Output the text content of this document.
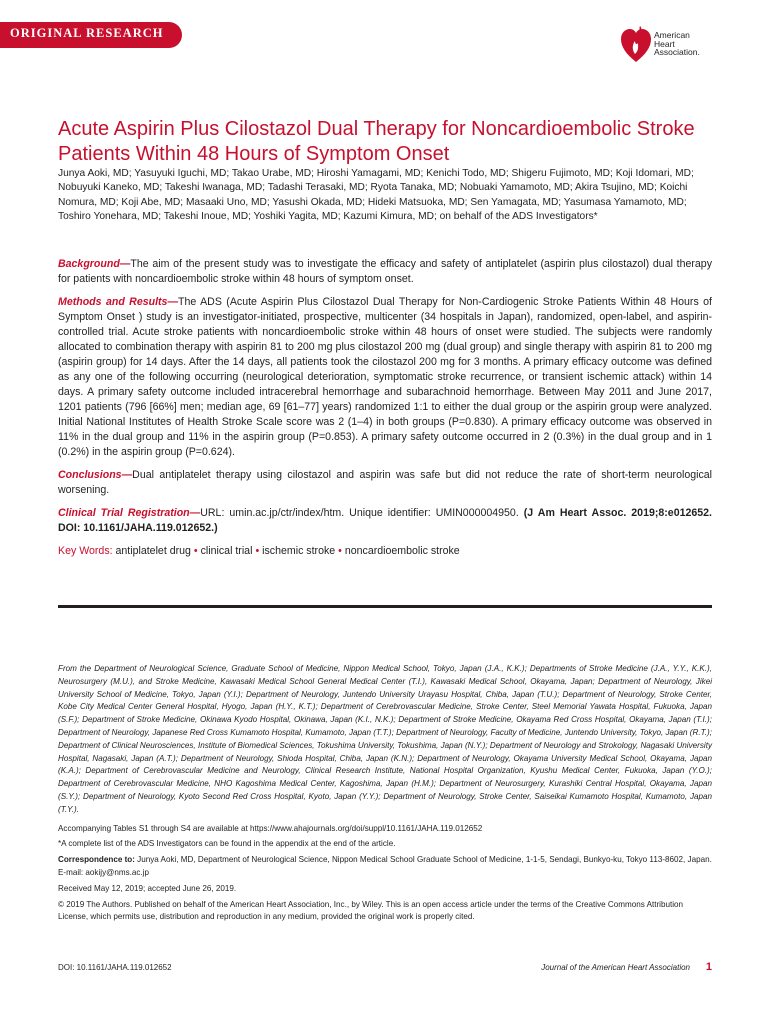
ORIGINAL RESEARCH	American
Heart
Association.
Acute Aspirin Plus Cilostazol Dual Therapy for Noncardioembolic Stroke Patients Within 48 Hours of Symptom Onset
Junya Aoki, MD; Yasuyuki Iguchi, MD; Takao Urabe, MD; Hiroshi Yamagami, MD; Kenichi Todo, MD; Shigeru Fujimoto, MD; Koji Idomari, MD; Nobuyuki Kaneko, MD; Takeshi Iwanaga, MD; Tadashi Terasaki, MD; Ryota Tanaka, MD; Nobuaki Yamamoto, MD; Akira Tsujino, MD; Koichi Nomura, MD; Koji Abe, MD; Masaaki Uno, MD; Yasushi Okada, MD; Hideki Matsuoka, MD; Sen Yamagata, MD; Yasumasa Yamamoto, MD; Toshiro Yonehara, MD; Takeshi Inoue, MD; Yoshiki Yagita, MD; Kazumi Kimura, MD; on behalf of the ADS Investigators*

Background—The aim of the present study was to investigate the efficacy and safety of antiplatelet (aspirin plus cilostazol) dual therapy for patients with noncardioembolic stroke within 48 hours of symptom onset.

Methods and Results—The ADS (Acute Aspirin Plus Cilostazol Dual Therapy for Non-Cardiogenic Stroke Patients Within 48 Hours of Symptom Onset ) study is an investigator-initiated, prospective, multicenter (34 hospitals in Japan), randomized, open-label, and aspirin-controlled trial. Acute stroke patients with noncardioembolic stroke within 48 hours of onset were studied. The subjects were randomly allocated to combination therapy with aspirin 81 to 200 mg plus cilostazol 200 mg (dual group) and single therapy with aspirin 81 to 200 mg (aspirin group) for 14 days. After the 14 days, all patients took the cilostazol 200 mg for 3 months. A primary efficacy outcome was defined as any one of the following occurring (neurological deterioration, symptomatic stroke recurrence, or transient ischemic attack) within 14 days. A primary safety outcome included intracerebral hemorrhage and subarachnoid hemorrhage. Between May 2011 and June 2017, 1201 patients (796 [66%] men; median age, 69 [61–77] years) randomized 1:1 to either the dual group or the aspirin group were analyzed. Initial National Institutes of Health Stroke Scale score was 2 (1–4) in both groups (P=0.830). A primary efficacy outcome was observed in 11% in the dual group and 11% in the aspirin group (P=0.853). A primary safety outcome occurred in 2 (0.3%) in the dual group and in 1 (0.2%) in the aspirin group (P=0.624).

Conclusions—Dual antiplatelet therapy using cilostazol and aspirin was safe but did not reduce the rate of short-term neurological worsening.

Clinical Trial Registration—URL: umin.ac.jp/ctr/index/htm. Unique identifier: UMIN000004950. (J Am Heart Assoc. 2019;8:e012652. DOI: 10.1161/JAHA.119.012652.)

Key Words: antiplatelet drug • clinical trial • ischemic stroke • noncardioembolic stroke

From the Department of Neurological Science, Graduate School of Medicine, Nippon Medical School, Tokyo, Japan (J.A., K.K.); Departments of Stroke Medicine (J.A., Y.Y., K.K.), Neurosurgery (M.U.), and Stroke Medicine, Kawasaki Medical School General Medical Center (T.I.), Kawasaki Medical School, Okayama, Japan; Department of Neurology, Jikei University School of Medicine, Tokyo, Japan (Y.I.); Department of Neurology, Juntendo University Urayasu Hospital, Chiba, Japan (T.U.); Department of Neurology, Stroke Center, Kobe City Medical Center General Hospital, Hyogo, Japan (H.Y., K.T.); Department of Cerebrovascular Medicine, Stroke Center, Steel Memorial Yawata Hospital, Fukuoka, Japan (S.F.); Department of Stroke Medicine, Okinawa Kyodo Hospital, Okinawa, Japan (K.I., N.K.); Department of Stroke Medicine, Okayama Red Cross Hospital, Okayama, Japan (T.I.); Department of Neurology, Japanese Red Cross Kumamoto Hospital, Kumamoto, Japan (T.T.); Department of Neurology, Faculty of Medicine, Juntendo University, Tokyo, Japan (R.T.); Department of Clinical Neurosciences, Institute of Biomedical Sciences, Tokushima University, Tokushima, Japan (N.Y.); Department of Neurology and Strokology, Nagasaki University Hospital, Nagasaki, Japan (A.T.); Department of Neurology, Shioda Hospital, Chiba, Japan (K.N.); Department of Neurology, Okayama University Medical School, Okayama, Japan (K.A.); Department of Cerebrovascular Medicine and Neurology, Clinical Research Institute, National Hospital Organization, Kyushu Medical Center, Fukuoka, Japan (Y.O.); Department of Cerebrovascular Medicine, NHO Kagoshima Medical Center, Kagoshima, Japan (H.M.); Department of Neurosurgery, Kurashiki Central Hospital, Okayama, Japan (S.Y.); Department of Neurology, Kyoto Second Red Cross Hospital, Kyoto, Japan (Y.Y.); Department of Neurology, Stroke Center, Saiseikai Kumamoto Hospital, Kumamoto, Japan (T.Y.).

Accompanying Tables S1 through S4 are available at https://www.ahajournals.org/doi/suppl/10.1161/JAHA.119.012652

*A complete list of the ADS Investigators can be found in the appendix at the end of the article.

Correspondence to: Junya Aoki, MD, Department of Neurological Science, Nippon Medical School Graduate School of Medicine, 1-1-5, Sendagi, Bunkyo-ku, Tokyo 113-8602, Japan. E-mail: aokijy@nms.ac.jp

Received May 12, 2019; accepted June 26, 2019.

© 2019 The Authors. Published on behalf of the American Heart Association, Inc., by Wiley. This is an open access article under the terms of the Creative Commons Attribution License, which permits use, distribution and reproduction in any medium, provided the original work is properly cited.

DOI: 10.1161/JAHA.119.012652	Journal of the American Heart Association 1
